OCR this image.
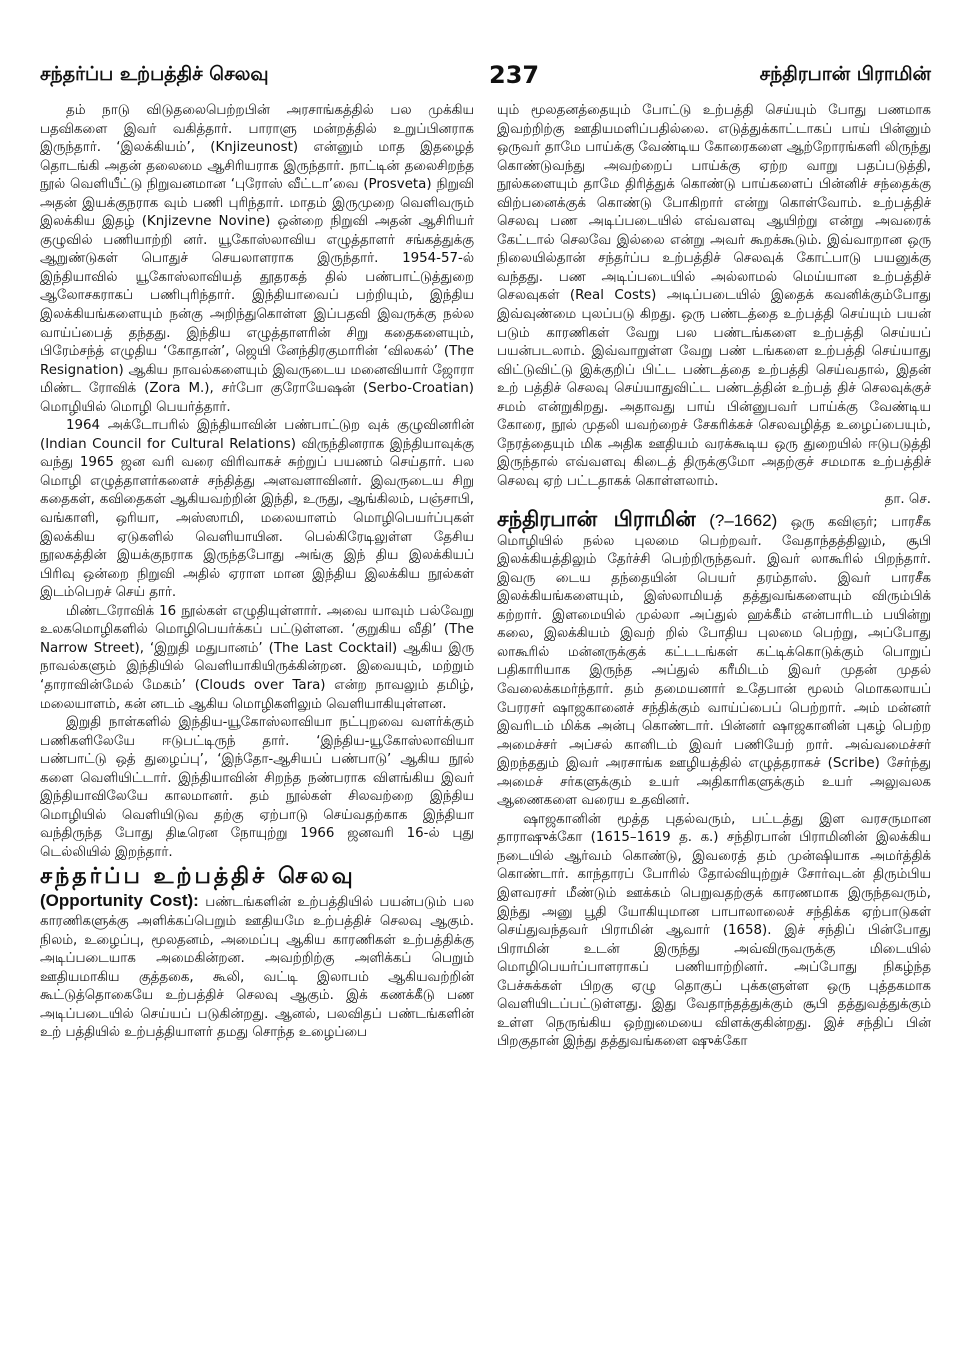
சந்தர்ப்ப உற்பத்திச் செலவு	237	சந்திரபான் பிராமின்

தம் நாடு விடுதலைபெற்றபின் அரசாங்கத்தில் பல முக்கிய பதவிகளை இவர் வகித்தார். பாராளு மன்றத்தில் உறுப்பினராக இருந்தார். ‘இலக்கியம்’, (Knjizeunost) என்னும் மாத இதழைத் தொடங்கி அதன் தலைமை ஆசிரியராக இருந்தார். நாட்டின் தலைசிறந்த நூல் வெளியீட்டு நிறுவனமான ‘புரோஸ் வீட்டா’வை (Prosveta) நிறுவி அதன் இயக்குநராக வும் பணி புரிந்தார். மாதம் இருமுறை வெளிவரும் இலக்கிய இதழ் (Knjizevne Novine) ஒன்றை நிறுவி அதன் ஆசிரியர் குழுவில் பணியாற்றி னர். யூகோஸ்லாவிய எழுத்தாளர் சங்கத்துக்கு ஆறுண்டுகள் பொதுச் செயலாளராக இருந்தார். 1954-57-ல் இந்தியாவில் யூகோஸ்லாவியத் தூதரகத் தில் பண்பாட்டுத்துறை ஆலோசகராகப் பணிபுரிந்தார். இந்தியாவைப் பற்றியும், இந்திய இலக்கியங்களையும் நன்கு அறிந்துகொள்ள இப்பதவி இவருக்கு நல்ல வாய்ப்பைத் தந்தது. இந்திய எழுத்தாளரின் சிறு கதைகளையும், பிரேம்சந்த் எழுதிய ‘கோதான்’, ஜெயி னேந்திரகுமாரின் ‘விலகல்’ (The Resignation) ஆகிய நாவல்களையும் இவருடைய மனைவியார் ஜோரா மிண்ட ரோவிக் (Zora M.), சர்போ குரோயேஷன் (Serbo-Croatian) மொழியில் மொழி பெயர்த்தார்.

1964 அக்டோபரில் இந்தியாவின் பண்பாட்டுற வுக் குழுவினரின் (Indian Council for Cultural Relations) விருந்தினராக இந்தியாவுக்கு வந்து 1965 ஜன வரி வரை விரிவாகச் சுற்றுப் பயணம் செய்தார். பல மொழி எழுத்தாளர்களைச் சந்தித்து அளவளாவினர். இவருடைய சிறு கதைகள், கவிதைகள் ஆகியவற்றின் இந்தி, உருது, ஆங்கிலம், பஞ்சாபி, வங்காளி, ஒரியா, அஸ்ஸாமி, மலையாளம் மொழிபெயர்ப்புகள் இலக்கிய ஏடுகளில் வெளியாயின. பெல்கிரேடிலுள்ள தேசிய நூலகத்தின் இயக்குநராக இருந்தபோது அங்கு இந் திய இலக்கியப் பிரிவு ஒன்றை நிறுவி அதில் ஏராள மான இந்திய இலக்கிய நூல்கள் இடம்பெறச் செய் தார்.

மிண்டரோவிக் 16 நூல்கள் எழுதியுள்ளார். அவை யாவும் பல்வேறு உலகமொழிகளில் மொழிபெயர்க்கப் பட்டுள்ளன. ‘குறுகிய வீதி’ (The Narrow Street), ‘இறுதி மதுபானம்’ (The Last Cocktail) ஆகிய இரு நாவல்களும் இந்தியில் வெளியாகியிருக்கின்றன. இவையும், மற்றும் ‘தாராவின்மேல் மேகம்’ (Clouds over Tara) என்ற நாவலும் தமிழ், மலையாளம், கன் னடம் ஆகிய மொழிகளிலும் வெளியாகியுள்ளன.

இறுதி நாள்களில் இந்திய-யூகோஸ்லாவியா நட்புறவை வளர்க்கும் பணிகளிலேயே ஈடுபட்டிருந் தார். ‘இந்திய-யூகோஸ்லாவியா பண்பாட்டு ஒத் துழைப்பு’, ‘இந்தோ-ஆசியப் பண்பாடு’ ஆகிய நூல் களை வெளியிட்டார். இந்தியாவின் சிறந்த நண்பராக விளங்கிய இவர் இந்தியாவிலேயே காலமானர். தம் நூல்கள் சிலவற்றை இந்திய மொழியில் வெளியிடுவ தற்கு ஏற்பாடு செய்வதற்காக இந்தியா வந்திருந்த போது திடீரென நோயுற்று 1966 ஜனவரி 16-ல் புது டெல்லியில் இறந்தார்.

சந்தர்ப்ப உற்பத்திச் செலவு

(Opportunity Cost): பண்டங்களின் உற்பத்தியில் பயன்படும் பல காரணிகளுக்கு அளிக்கப்பெறும் ஊதியமே உற்பத்திச் செலவு ஆகும். நிலம், உழைப்பு, மூலதனம், அமைப்பு ஆகிய காரணிகள் உற்பத்திக்கு அடிப்படையாக அமைகின்றன. அவற்றிற்கு அளிக்கப் பெறும் ஊதியமாகிய குத்தகை, கூலி, வட்டி இலாபம் ஆகியவற்றின் கூட்டுத்தொகையே உற்பத்திச் செலவு ஆகும். இக் கணக்கீடு பண அடிப்படையில் செய்யப் படுகின்றது. ஆனல், பலவிதப் பண்டங்களின் உற் பத்தியில் உற்பத்தியாளர் தமது சொந்த உழைப்பை

யும் மூலதனத்தையும் போட்டு உற்பத்தி செய்யும் போது பணமாக இவற்றிற்கு ஊதியமளிப்பதில்லை. எடுத்துக்காட்டாகப் பாய் பின்னும் ஒருவர் தாமே பாய்க்கு வேண்டிய கோரைகளை ஆற்றோரங்களி லிருந்து கொண்டுவந்து அவற்றைப் பாய்க்கு ஏற்ற வாறு பதப்படுத்தி, நூல்களையும் தாமே திரித்துக் கொண்டு பாய்களைப் பின்னிச் சந்தைக்கு விற்பனைக்குக் கொண்டு போகிறார் என்று கொள்வோம். உற்பத்திச் செலவு பண அடிப்படையில் எவ்வளவு ஆயிற்று என்று அவரைக் கேட்டால் செலவே இல்லை என்று அவர் கூறக்கூடும். இவ்வாறான ஒரு நிலையில்தான் சந்தர்ப்ப உற்பத்திச் செலவுக் கோட்பாடு பயனுக்கு வந்தது. பண அடிப்படையில் அல்லாமல் மெய்யான உற்பத்திச் செலவுகள் (Real Costs) அடிப்படையில் இதைக் கவனிக்கும்போது இவ்வுண்மை புலப்படு கிறது. ஒரு பண்டத்தை உற்பத்தி செய்யும் பயன் படும் காரணிகள் வேறு பல பண்டங்களை உற்பத்தி செய்யப் பயன்படலாம். இவ்வாறுள்ள வேறு பண் டங்களை உற்பத்தி செய்யாது விட்டுவிட்டு இக்குறிப் பிட்ட பண்டத்தை உற்பத்தி செய்வதால், இதன் உற் பத்திச் செலவு செய்யாதுவிட்ட பண்டத்தின் உற்பத் திச் செலவுக்குச் சமம் என்றுகிறது. அதாவது பாய் பின்னுபவர் பாய்க்கு வேண்டிய கோரை, நூல் முதலி யவற்றைச் சேகரிக்கச் செலவழித்த உழைப்பையும், நேரத்தையும் மிக அதிக ஊதியம் வரக்கூடிய ஒரு துறையில் ஈடுபடுத்தி இருந்தால் எவ்வளவு கிடைத் திருக்குமோ அதற்குச் சமமாக உற்பத்திச் செலவு ஏற் பட்டதாகக் கொள்ளலாம்.
தா. செ.

சந்திரபான் பிராமின் (?–1662) ஒரு கவிஞர்; பாரசீக மொழியில் நல்ல புலமை பெற்றவர். வேதாந்தத்திலும், சூபி இலக்கியத்திலும் தேர்ச்சி பெற்றிருந்தவர். இவர் லாகூரில் பிறந்தார். இவரு டைய தந்தையின் பெயர் தரம்தாஸ். இவர் பாரசீக இலக்கியங்களையும், இஸ்லாமியத் தத்துவங்களையும் விரும்பிக் கற்றார். இளமையில் முல்லா அப்துல் ஹக்கீம் என்பாரிடம் பயின்று கலை, இலக்கியம் இவற் றில் போதிய புலமை பெற்று, அப்போது லாகூரில் மன்னருக்குக் கட்டடங்கள் கட்டிக்கொடுக்கும் பொறுப் பதிகாரியாக இருந்த அப்துல் கரீமிடம் இவர் முதன் முதல் வேலைக்கமர்ந்தார். தம் தமையனார் உதேபான் மூலம் மொகலாயப் பேரரசர் ஷாஜகானைச் சந்திக்கும் வாய்ப்பைப் பெற்றார். அம் மன்னர் இவரிடம் மிக்க அன்பு கொண்டார். பின்னர் ஷாஜகானின் புகழ் பெற்ற அமைச்சர் அப்சல் கானிடம் இவர் பணியேற் றார். அவ்வமைச்சர் இறந்ததும் இவர் அரசாங்க ஊழியத்தில் எழுத்தராகச் (Scribe) சேர்ந்து அமைச் சர்களுக்கும் உயர் அதிகாரிகளுக்கும் உயர் அலுவலக ஆணைகளை வரைய உதவினர்.

ஷாஜகானின் மூத்த புதல்வரும், பட்டத்து இள வரசருமான தாராஷுக்கோ (1615–1619 த. க.) சந்திரபான் பிராமினின் இலக்கிய நடையில் ஆர்வம் கொண்டு, இவரைத் தம் முன்ஷியாக அமர்த்திக் கொண்டார். காந்தாரப் போரில் தோல்வியுற்றுச் சோர்வுடன் திரும்பிய இளவரசர் மீண்டும் ஊக்கம் பெறுவதற்குக் காரணமாக இருந்தவரும், இந்து அனு பூதி யோகியுமான பாபாலாலைச் சந்திக்க ஏற்பாடுகள் செய்துவந்தவர் பிராமின் ஆவார் (1658). இச் சந்திப் பின்போது பிராமின் உடன் இருந்து அவ்விருவருக்கு மிடையில் மொழிபெயர்ப்பாளராகப் பணியாற்றினர். அப்போது நிகழ்ந்த பேச்சுக்கள் பிறகு ஏழு தொகுப் புக்களுள்ள ஒரு புத்தகமாக வெளியிடப்பட்டுள்ளது. இது வேதாந்தத்துக்கும் சூபி தத்துவத்துக்கும் உள்ள நெருங்கிய ஒற்றுமையை விளக்குகின்றது. இச் சந்திப் பின் பிறகுதான் இந்து தத்துவங்களை ஷுக்கோ
